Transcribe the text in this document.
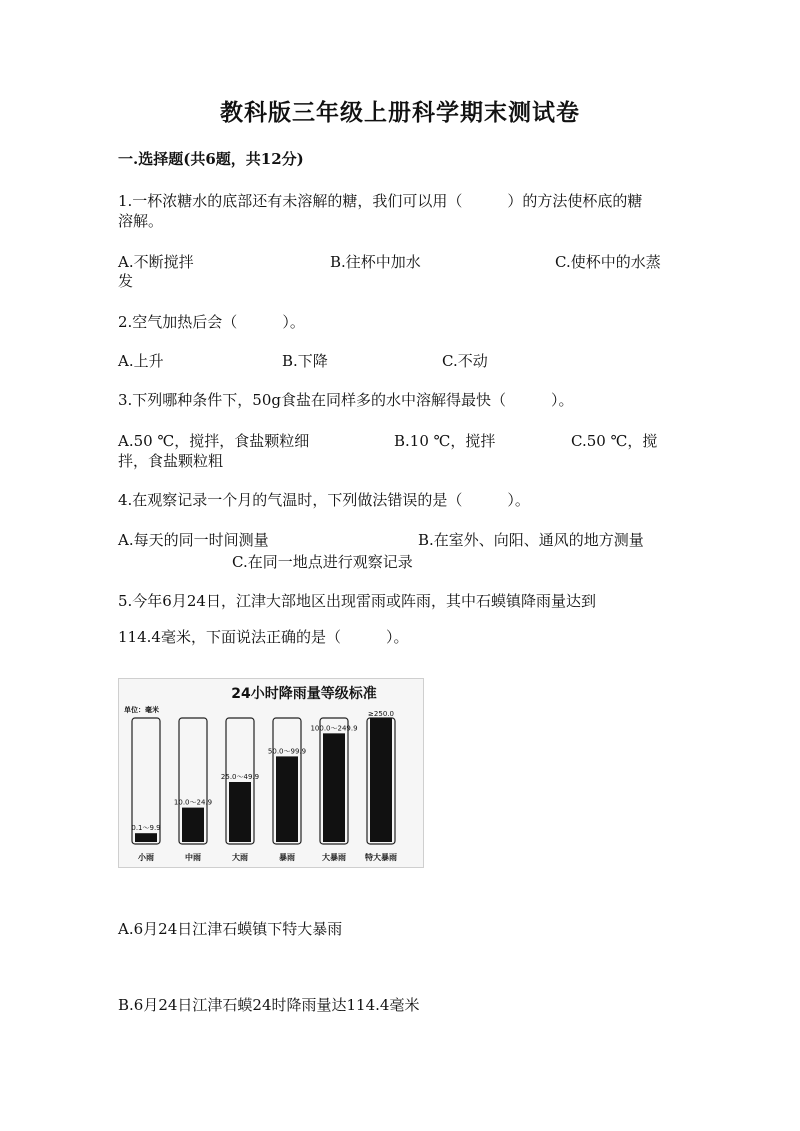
教科版三年级上册科学期末测试卷
一.选择题(共6题，共12分)
1.一杯浓糖水的底部还有未溶解的糖，我们可以用（　　　）的方法使杯底的糖
溶解。
A.不断搅拌	B.往杯中加水	C.使杯中的水蒸
发
2.空气加热后会（　　　）。
A.上升	B.下降	C.不动
3.下列哪种条件下，50g食盐在同样多的水中溶解得最快（　　　）。
A.50 ℃，搅拌，食盐颗粒细	B.10 ℃，搅拌	C.50 ℃，搅
拌，食盐颗粒粗
4.在观察记录一个月的气温时，下列做法错误的是（　　　）。
A.每天的同一时间测量	B.在室外、向阳、通风的地方测量
C.在同一地点进行观察记录
5.今年6月24日，江津大部地区出现雷雨或阵雨，其中石蟆镇降雨量达到
114.4毫米，下面说法正确的是（　　　）。
24小时降雨量等级标准
单位：毫米
0.1～9.9
小雨
10.0～24.9
中雨
25.0～49.9
大雨
50.0～99.9
暴雨
100.0～249.9
大暴雨
≥250.0
特大暴雨
A.6月24日江津石蟆镇下特大暴雨
B.6月24日江津石蟆24时降雨量达114.4毫米
